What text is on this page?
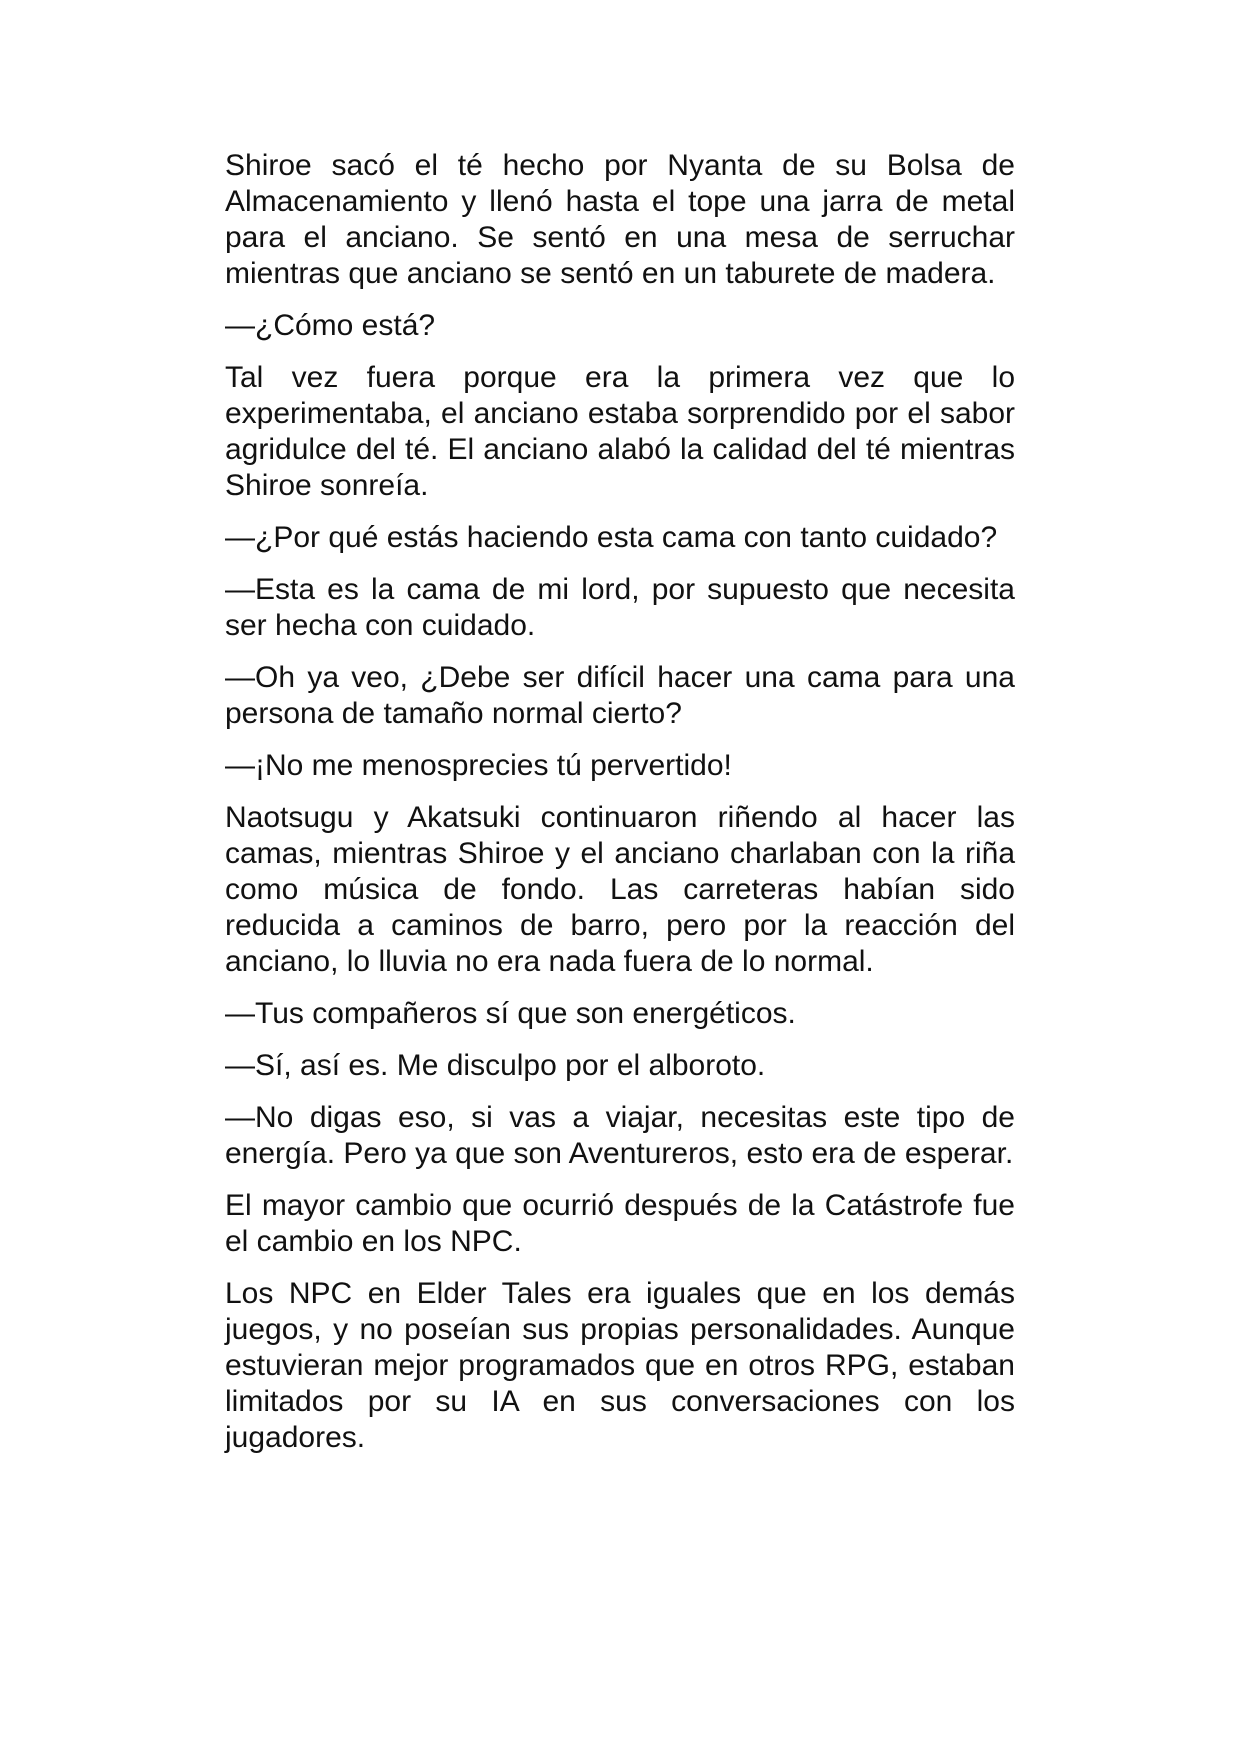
Shiroe sacó el té hecho por Nyanta de su Bolsa de Almacenamiento y llenó hasta el tope una jarra de metal para el anciano. Se sentó en una mesa de serruchar mientras que anciano se sentó en un taburete de madera.

—¿Cómo está?

Tal vez fuera porque era la primera vez que lo experimentaba, el anciano estaba sorprendido por el sabor agridulce del té. El anciano alabó la calidad del té mientras Shiroe sonreía.

—¿Por qué estás haciendo esta cama con tanto cuidado?

—Esta es la cama de mi lord, por supuesto que necesita ser hecha con cuidado.

—Oh ya veo, ¿Debe ser difícil hacer una cama para una persona de tamaño normal cierto?

—¡No me menosprecies tú pervertido!

Naotsugu y Akatsuki continuaron riñendo al hacer las camas, mientras Shiroe y el anciano charlaban con la riña como música de fondo. Las carreteras habían sido reducida a caminos de barro, pero por la reacción del anciano, lo lluvia no era nada fuera de lo normal.

—Tus compañeros sí que son energéticos.

—Sí, así es. Me disculpo por el alboroto.

—No digas eso, si vas a viajar, necesitas este tipo de energía. Pero ya que son Aventureros, esto era de esperar.

El mayor cambio que ocurrió después de la Catástrofe fue el cambio en los NPC.

Los NPC en Elder Tales era iguales que en los demás juegos, y no poseían sus propias personalidades. Aunque estuvieran mejor programados que en otros RPG, estaban limitados por su IA en sus conversaciones con los jugadores.
